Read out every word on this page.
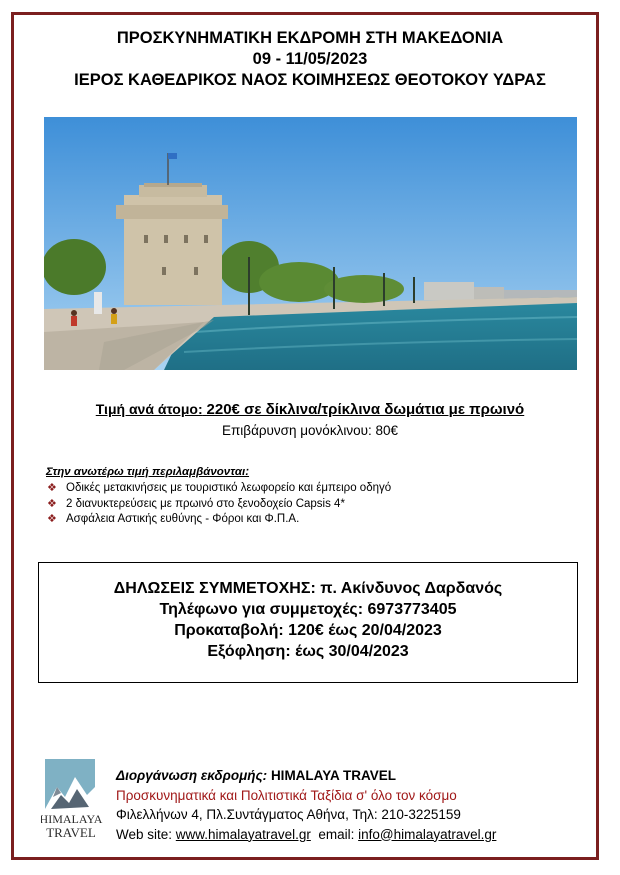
ΠΡΟΣΚΥΝΗΜΑΤΙΚΗ ΕΚΔΡΟΜΗ ΣΤΗ ΜΑΚΕΔΟΝΙΑ
09 - 11/05/2023
ΙΕΡΟΣ ΚΑΘΕΔΡΙΚΟΣ ΝΑΟΣ ΚΟΙΜΗΣΕΩΣ ΘΕΟΤΟΚΟΥ ΥΔΡΑΣ
Τιμή ανά άτομο: 220€ σε δίκλινα/τρίκλινα δωμάτια με πρωινό
Επιβάρυνση μονόκλινου: 80€
Στην ανωτέρω τιμή περιλαμβάνονται:
❖ Οδικές μετακινήσεις με τουριστικό λεωφορείο και έμπειρο οδηγό
❖ 2 διανυκτερεύσεις με πρωινό στο ξενοδοχείο Capsis 4*
❖ Ασφάλεια Αστικής ευθύνης - Φόροι και Φ.Π.Α.
ΔΗΛΩΣΕΙΣ ΣΥΜΜΕΤΟΧΗΣ: π. Ακίνδυνος Δαρδανός
Τηλέφωνο για συμμετοχές: 6973773405
Προκαταβολή: 120€ έως 20/04/2023
Εξόφληση: έως 30/04/2023
HIMALAYA
TRAVEL
Διοργάνωση εκδρομής: HIMALAYA TRAVEL
Προσκυνηματικά και Πολιτιστικά Ταξίδια σ' όλο τον κόσμο
Φιλελλήνων 4, Πλ.Συντάγματος Αθήνα, Τηλ: 210-3225159
Web site: www.himalayatravel.gr email: info@himalayatravel.gr
